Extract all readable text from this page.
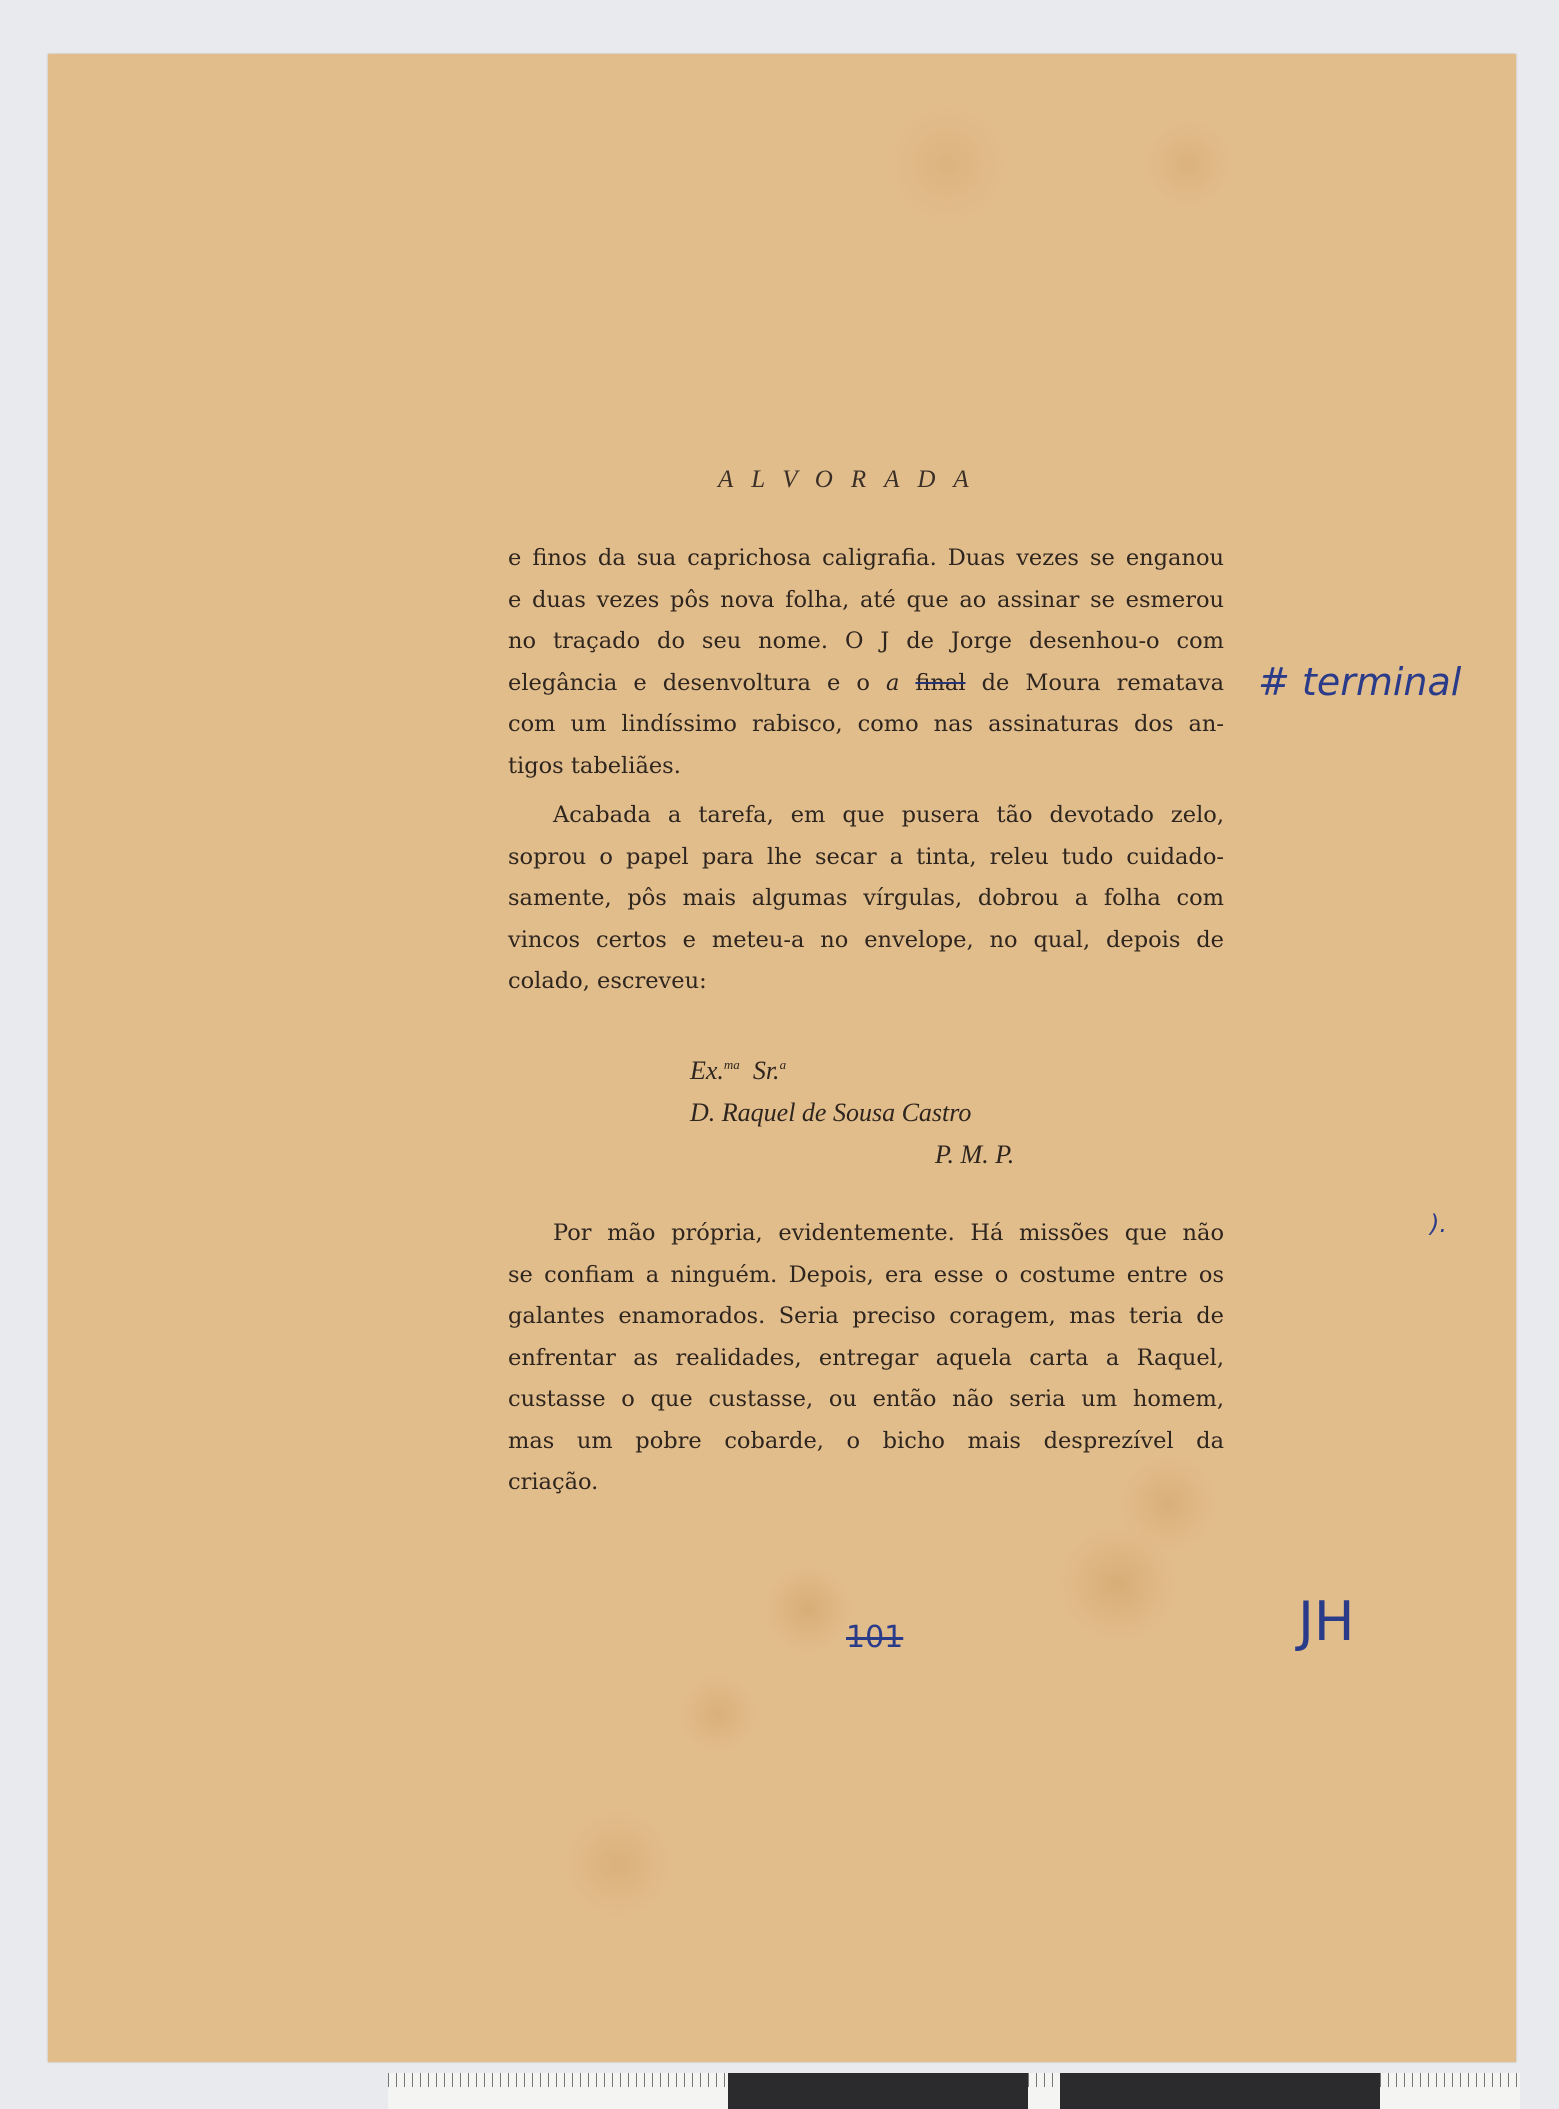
ALVORADA
e finos da sua caprichosa caligrafia. Duas vezes se enganou
e duas vezes pôs nova folha, até que ao assinar se esmerou
no traçado do seu nome. O J de Jorge desenhou-o com
elegância e desenvoltura e o a final de Moura rematava
com um lindíssimo rabisco, como nas assinaturas dos an-
tigos tabeliães.
Acabada a tarefa, em que pusera tão devotado zelo,
soprou o papel para lhe secar a tinta, releu tudo cuidado-
samente, pôs mais algumas vírgulas, dobrou a folha com
vincos certos e meteu-a no envelope, no qual, depois de
colado, escreveu:
Ex.$^{ma}$ Sr.$^a$
D. Raquel de Sousa Castro
P. M. P.
Por mão própria, evidentemente. Há missões que não
se confiam a ninguém. Depois, era esse o costume entre os
galantes enamorados. Seria preciso coragem, mas teria de
enfrentar as realidades, entregar aquela carta a Raquel,
custasse o que custasse, ou então não seria um homem,
mas um pobre cobarde, o bicho mais desprezível da
criação.
101
# terminal
JH
).
